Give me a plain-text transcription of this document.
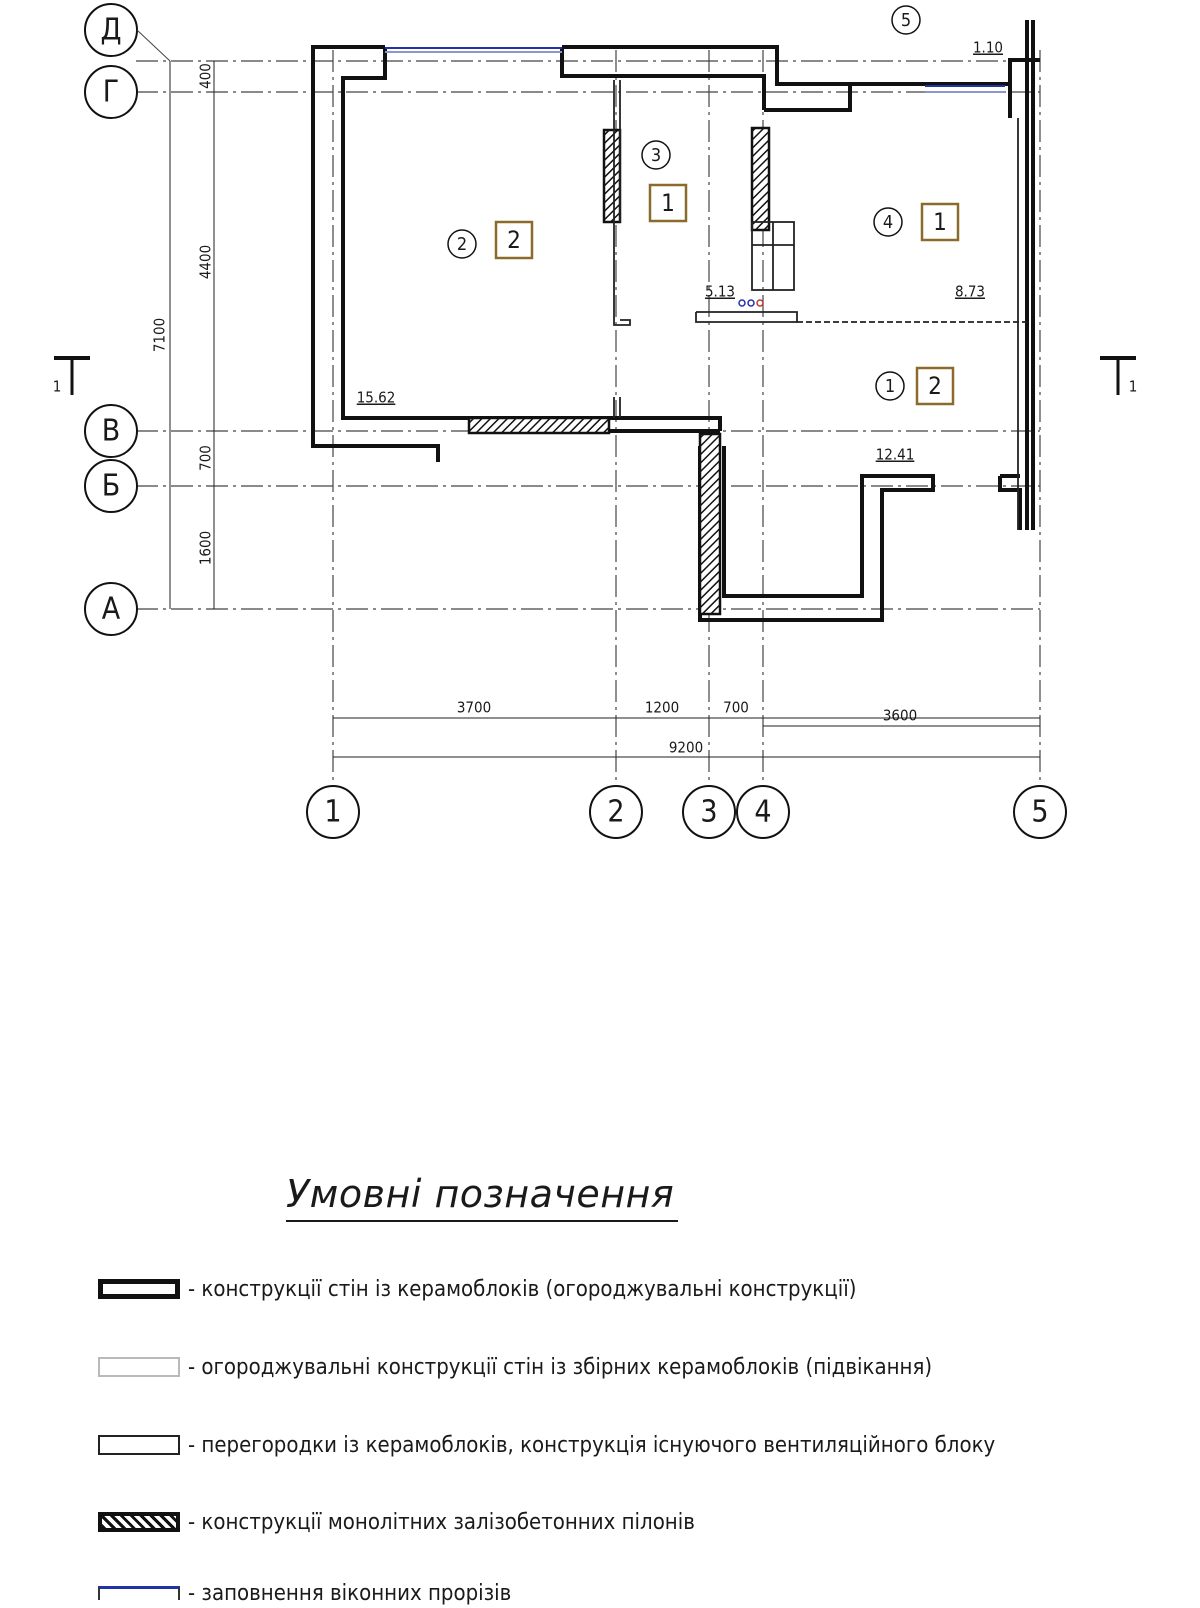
Д
Г
В
Б
А
1	2	3 4	5
400
4400
700
1600
7100
3700	1200	700	3600
9200
1	1
1 2
12.41
2 2
15.62
3
1
5.13
4 1
8.73
5
1.10
Умовні позначення
- конструкції стін із керамоблоків (огороджувальні конструкції)
- огороджувальні конструкції стін із збірних керамоблоків (підвікання)
- перегородки із керамоблоків, конструкція існуючого вентиляційного блоку
- конструкції монолітних залізобетонних пілонів
- заповнення віконних прорізів
